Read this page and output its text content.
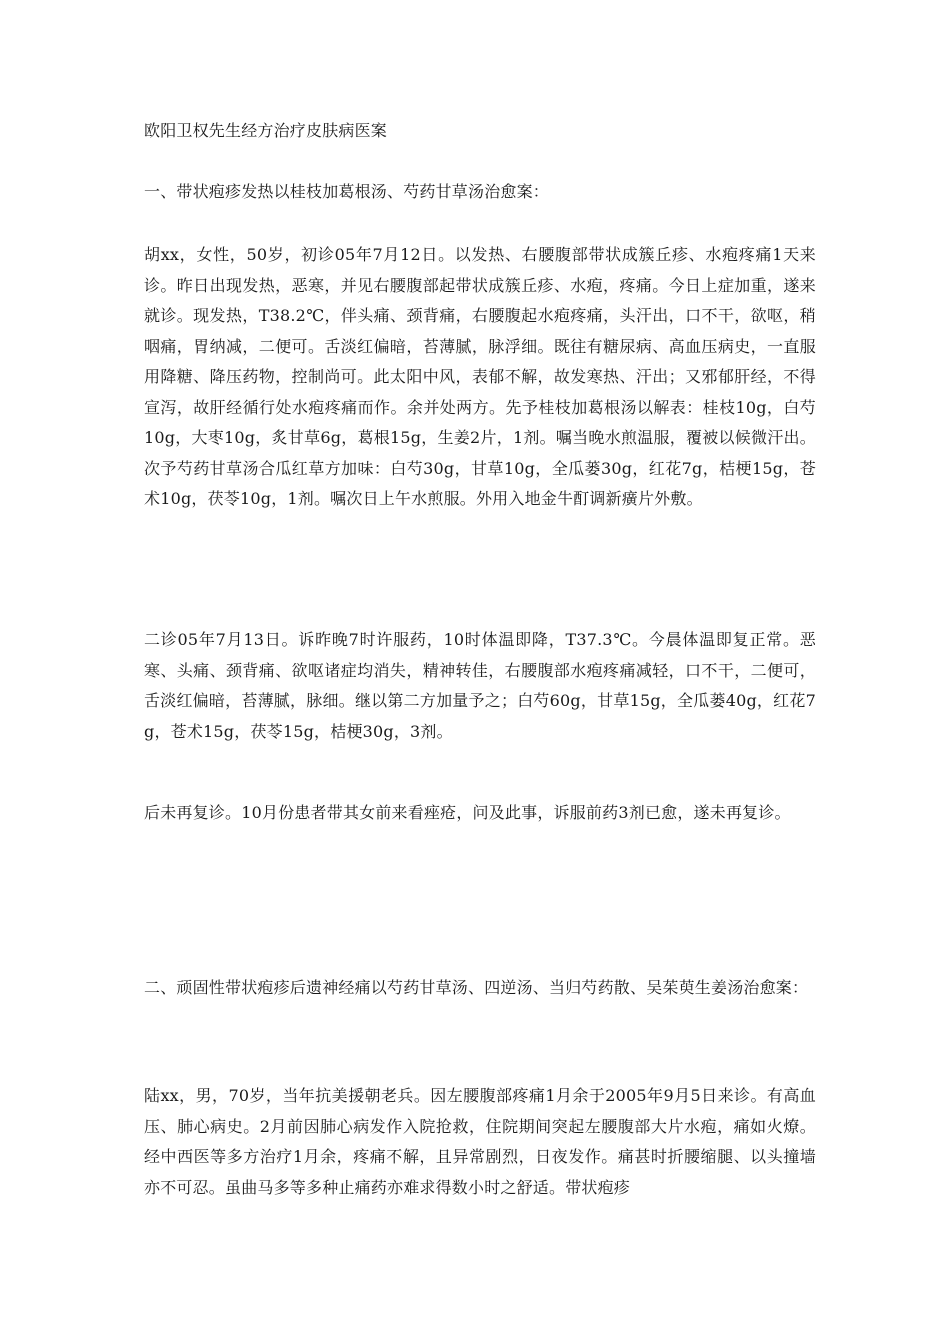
欧阳卫权先生经方治疗皮肤病医案

一、带状疱疹发热以桂枝加葛根汤、芍药甘草汤治愈案：

胡xx，女性，50岁，初诊05年7月12日。以发热、右腰腹部带状成簇丘疹、水疱疼痛1天来诊。昨日出现发热，恶寒，并见右腰腹部起带状成簇丘疹、水疱，疼痛。今日上症加重，遂来就诊。现发热，T38.2℃，伴头痛、颈背痛，右腰腹起水疱疼痛，头汗出，口不干，欲呕，稍咽痛，胃纳减，二便可。舌淡红偏暗，苔薄腻，脉浮细。既往有糖尿病、高血压病史，一直服用降糖、降压药物，控制尚可。此太阳中风，表郁不解，故发寒热、汗出；又邪郁肝经，不得宣泻，故肝经循行处水疱疼痛而作。余并处两方。先予桂枝加葛根汤以解表：桂枝10g，白芍10g，大枣10g，炙甘草6g，葛根15g，生姜2片，1剂。嘱当晚水煎温服，覆被以候微汗出。次予芍药甘草汤合瓜红草方加味：白芍30g，甘草10g，全瓜蒌30g，红花7g，桔梗15g，苍术10g，茯苓10g，1剂。嘱次日上午水煎服。外用入地金牛酊调新癀片外敷。

二诊05年7月13日。诉昨晚7时许服药，10时体温即降，T37.3℃。今晨体温即复正常。恶寒、头痛、颈背痛、欲呕诸症均消失，精神转佳，右腰腹部水疱疼痛减轻，口不干，二便可，舌淡红偏暗，苔薄腻，脉细。继以第二方加量予之；白芍60g，甘草15g，全瓜蒌40g，红花7g，苍术15g，茯苓15g，桔梗30g，3剂。

后未再复诊。10月份患者带其女前来看痤疮，问及此事，诉服前药3剂已愈，遂未再复诊。

二、顽固性带状疱疹后遗神经痛以芍药甘草汤、四逆汤、当归芍药散、吴茱萸生姜汤治愈案：

陆xx，男，70岁，当年抗美援朝老兵。因左腰腹部疼痛1月余于2005年9月5日来诊。有高血压、肺心病史。2月前因肺心病发作入院抢救，住院期间突起左腰腹部大片水疱，痛如火燎。经中西医等多方治疗1月余，疼痛不解，且异常剧烈，日夜发作。痛甚时折腰缩腿、以头撞墙亦不可忍。虽曲马多等多种止痛药亦难求得数小时之舒适。带状疱疹
